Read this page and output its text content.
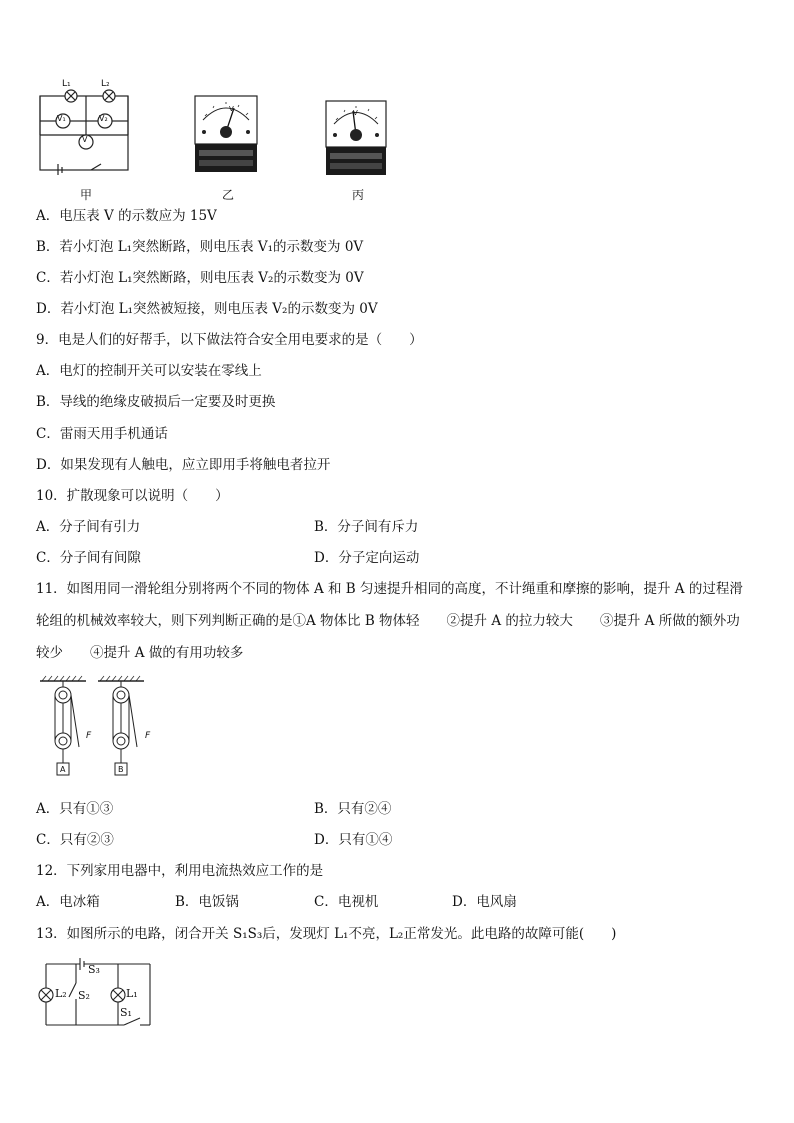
L₁	L₂
V₁	V₂
V
甲
V
乙
V
丙
A．电压表 V 的示数应为 15V
B．若小灯泡 L₁突然断路，则电压表 V₁的示数变为 0V
C．若小灯泡 L₁突然断路，则电压表 V₂的示数变为 0V
D．若小灯泡 L₁突然被短接，则电压表 V₂的示数变为 0V
9．电是人们的好帮手，以下做法符合安全用电要求的是（　　）
A．电灯的控制开关可以安装在零线上
B．导线的绝缘皮破损后一定要及时更换
C．雷雨天用手机通话
D．如果发现有人触电，应立即用手将触电者拉开
10．扩散现象可以说明（　　）
A．分子间有引力	B．分子间有斥力
C．分子间有间隙	D．分子定向运动
11．如图用同一滑轮组分别将两个不同的物体 A 和 B 匀速提升相同的高度，不计绳重和摩擦的影响，提升 A 的过程滑
轮组的机械效率较大，则下列判断正确的是①A 物体比 B 物体轻　　②提升 A 的拉力较大　　③提升 A 所做的额外功
较少　　④提升 A 做的有用功较多
A	B
F	F
A．只有①③	B．只有②④
C．只有②③	D．只有①④
12．下列家用电器中，利用电流热效应工作的是
A．电冰箱	B．电饭锅	C．电视机	D．电风扇
13．如图所示的电路，闭合开关 S₁S₃后，发现灯 L₁不亮，L₂正常发光。此电路的故障可能(　　)
S₃
L₂ S₂	L₁
S₁
